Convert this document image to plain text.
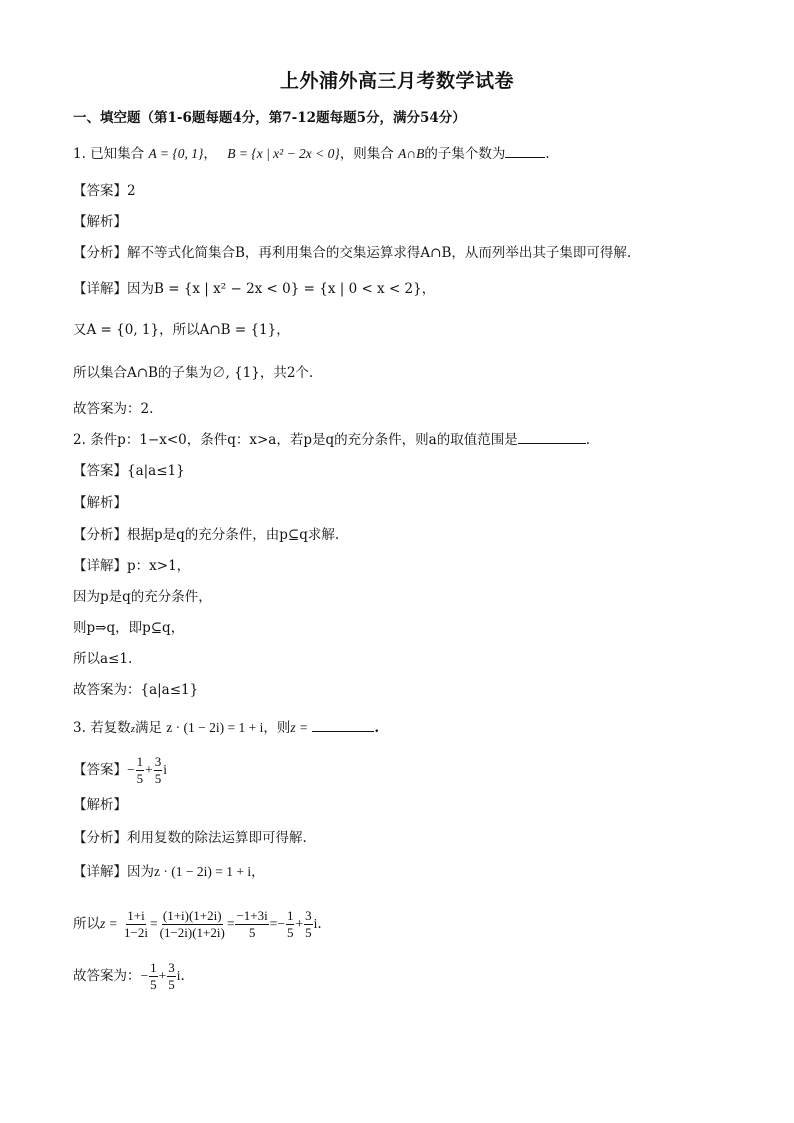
上外浦外高三月考数学试卷
一、填空题（第1-6题每题4分，第7-12题每题5分，满分54分）
1. 已知集合 A = {0, 1}， B = {x | x² − 2x < 0}，则集合 A∩B的子集个数为	.
【答案】2
【解析】
【分析】解不等式化简集合B，再利用集合的交集运算求得A∩B，从而列举出其子集即可得解.
【详解】因为B = {x | x² − 2x < 0} = {x | 0 < x < 2}，
又A = {0, 1}，所以A∩B = {1}，
所以集合A∩B的子集为∅, {1}，共2个.
故答案为：2.
2. 条件p：1−x<0，条件q：x>a，若p是q的充分条件，则a的取值范围是	.
【答案】{a|a≤1}
【解析】
【分析】根据p是q的充分条件，由p⊆q求解.
【详解】p：x>1，
因为p是q的充分条件，
则p⇒q，即p⊆q，
所以a≤1.
故答案为：{a|a≤1}
3. 若复数z满足 z · (1 − 2i) = 1 + i，则z =	.
【答案】− $\frac{1}{5} + \frac{3}{5}$ i
【解析】
【分析】利用复数的除法运算即可得解.
【详解】因为z · (1 − 2i) = 1 + i，
所以$z = \frac{1+i}{1-2i} = \frac{(1+i)(1+2i)}{(1-2i)(1+2i)} = \frac{-1+3i}{5} =- \frac{1}{5} + \frac{3}{5} i$.
故答案为：− $\frac{1}{5} + \frac{3}{5} i$.
